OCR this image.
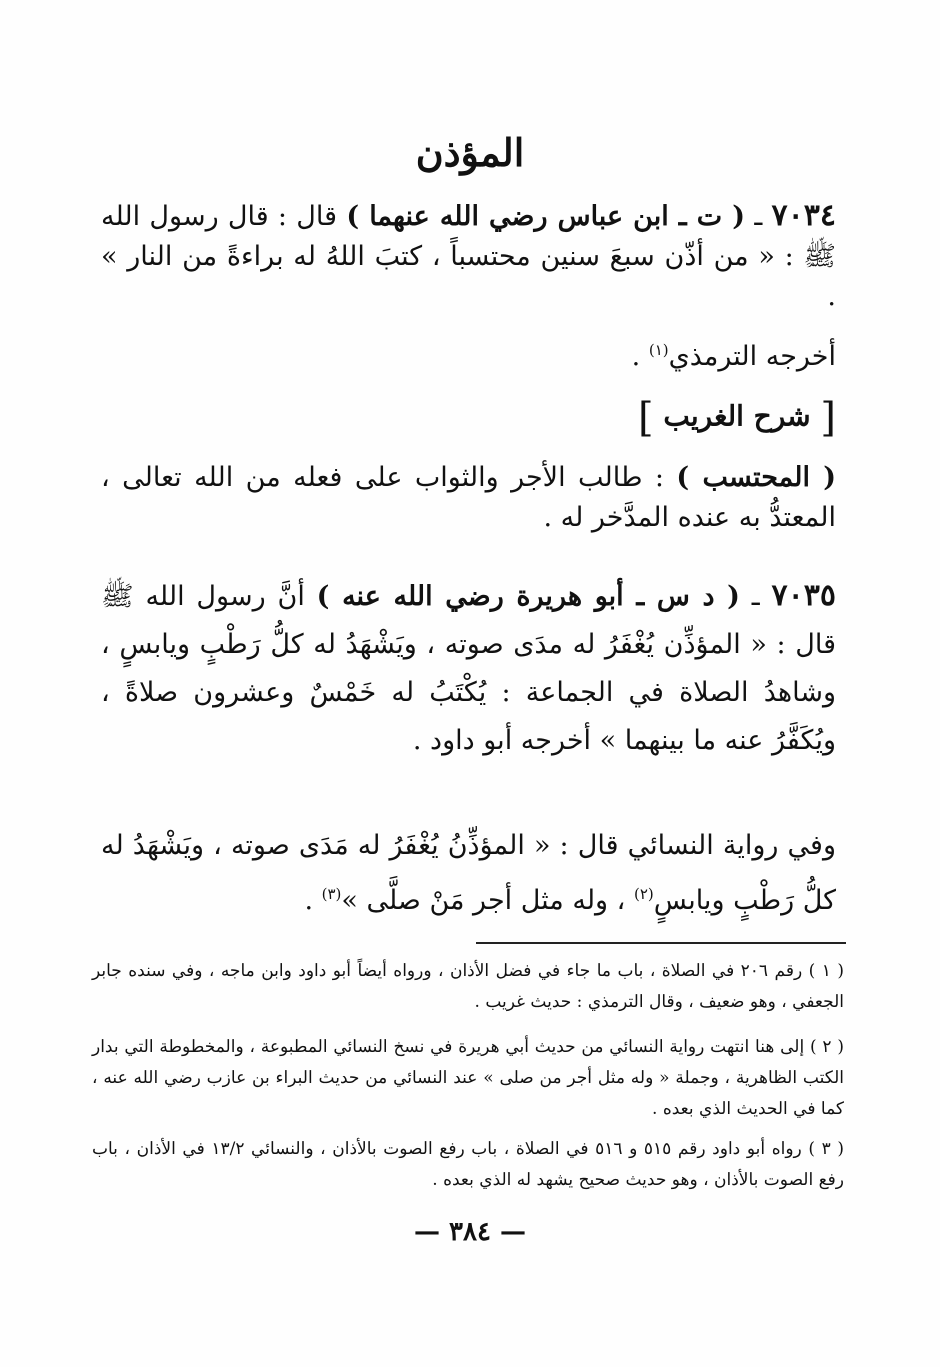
المؤذن

٧٠٣٤ ـ ( ت ـ ابن عباس رضي الله عنهما ) قال : قال رسول الله ﷺ : « من أذّن سبعَ سنين محتسباً ، كتبَ اللهُ له براءةً من النار » .

أخرجه الترمذي$^{(١)}$ .

[ شرح الغريب ]

( المحتسب ) : طالب الأجر والثواب على فعله من الله تعالى ، المعتدُّ به عنده المدَّخر له .

٧٠٣٥ ـ ( د س ـ أبو هريرة رضي الله عنه ) أنَّ رسول الله ﷺ قال : « المؤذِّن يُغْفَرُ له مدَى صوته ، ويَشْهَدُ له كلُّ رَطْبٍ ويابسٍ ، وشاهدُ الصلاة في الجماعة : يُكْتَبُ له خَمْسٌ وعشرون صلاةً ، ويُكَفَّرُ عنه ما بينهما » أخرجه أبو داود .

وفي رواية النسائي قال : « المؤذِّنُ يُغْفَرُ له مَدَى صوته ، ويَشْهَدُ له كلُّ رَطْبٍ ويابسٍ$^{(٢)}$ ، وله مثل أجر مَنْ صلَّى »$^{(٣)}$ .

( ١ ) رقم ٢٠٦ في الصلاة ، باب ما جاء في فضل الأذان ، ورواه أيضاً أبو داود وابن ماجه ، وفي سنده جابر الجعفي ، وهو ضعيف ، وقال الترمذي : حديث غريب .

( ٢ ) إلى هنا انتهت رواية النسائي من حديث أبي هريرة في نسخ النسائي المطبوعة ، والمخطوطة التي بدار الكتب الظاهرية ، وجملة « وله مثل أجر من صلى » عند النسائي من حديث البراء بن عازب رضي الله عنه ، كما في الحديث الذي بعده .

( ٣ ) رواه أبو داود رقم ٥١٥ و ٥١٦ في الصلاة ، باب رفع الصوت بالأذان ، والنسائي ١٣/٢ في الأذان ، باب رفع الصوت بالأذان ، وهو حديث صحيح يشهد له الذي بعده .

— ٣٨٤ —
